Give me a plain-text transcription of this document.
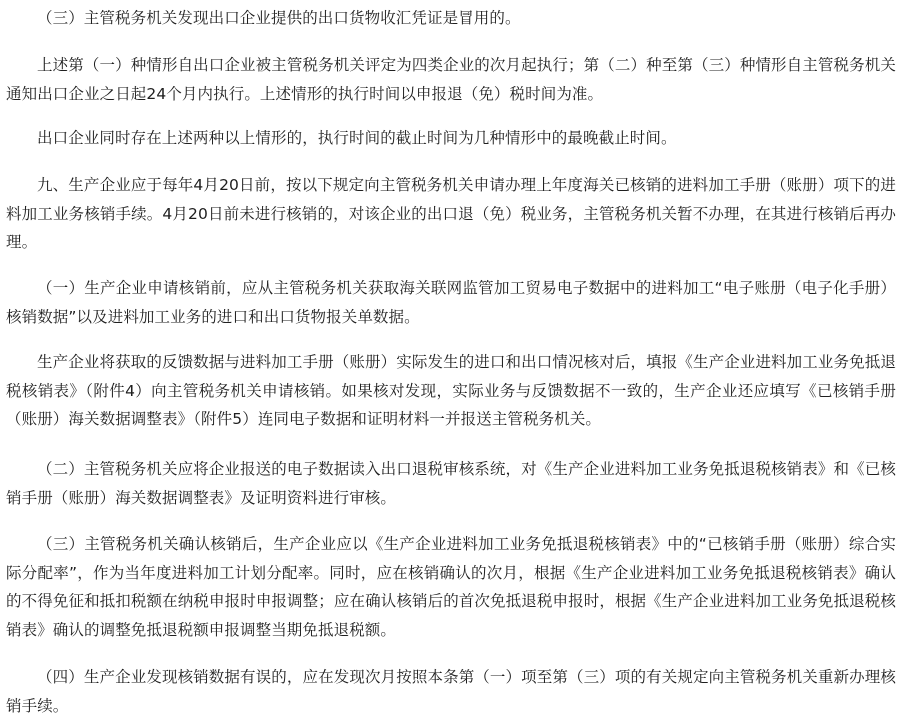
（三）主管税务机关发现出口企业提供的出口货物收汇凭证是冒用的。

上述第（一）种情形自出口企业被主管税务机关评定为四类企业的次月起执行；第（二）种至第（三）种情形自主管税务机关通知出口企业之日起24个月内执行。上述情形的执行时间以申报退（免）税时间为准。

出口企业同时存在上述两种以上情形的，执行时间的截止时间为几种情形中的最晚截止时间。

九、生产企业应于每年4月20日前，按以下规定向主管税务机关申请办理上年度海关已核销的进料加工手册（账册）项下的进料加工业务核销手续。4月20日前未进行核销的，对该企业的出口退（免）税业务，主管税务机关暂不办理，在其进行核销后再办理。

（一）生产企业申请核销前，应从主管税务机关获取海关联网监管加工贸易电子数据中的进料加工“电子账册（电子化手册）核销数据”以及进料加工业务的进口和出口货物报关单数据。

生产企业将获取的反馈数据与进料加工手册（账册）实际发生的进口和出口情况核对后，填报《生产企业进料加工业务免抵退税核销表》（附件4）向主管税务机关申请核销。如果核对发现，实际业务与反馈数据不一致的，生产企业还应填写《已核销手册（账册）海关数据调整表》（附件5）连同电子数据和证明材料一并报送主管税务机关。

（二）主管税务机关应将企业报送的电子数据读入出口退税审核系统，对《生产企业进料加工业务免抵退税核销表》和《已核销手册（账册）海关数据调整表》及证明资料进行审核。

（三）主管税务机关确认核销后，生产企业应以《生产企业进料加工业务免抵退税核销表》中的“已核销手册（账册）综合实际分配率”，作为当年度进料加工计划分配率。同时，应在核销确认的次月，根据《生产企业进料加工业务免抵退税核销表》确认的不得免征和抵扣税额在纳税申报时申报调整；应在确认核销后的首次免抵退税申报时，根据《生产企业进料加工业务免抵退税核销表》确认的调整免抵退税额申报调整当期免抵退税额。

（四）生产企业发现核销数据有误的，应在发现次月按照本条第（一）项至第（三）项的有关规定向主管税务机关重新办理核销手续。
